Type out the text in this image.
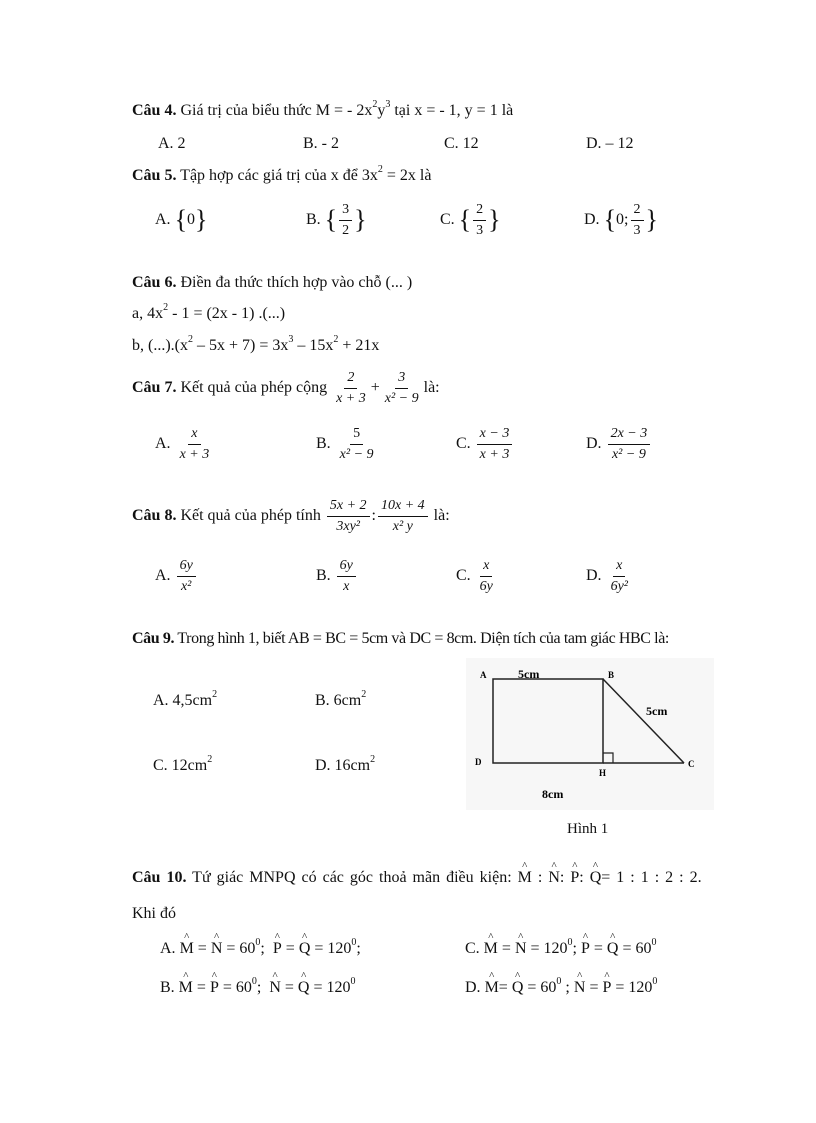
Câu 4. Giá trị của biểu thức M = - $2x^2y^3$ tại x = - 1, y = 1 là
A. 2	B. - 2	C. 12	D. – 12
Câu 5. Tập hợp các giá trị của x để $3x^2 = 2x$ là
A.
{ 0 }	B.
{ $\frac{3}{2}$ }	C.
{ $\frac{2}{3}$ }	D.
{ 0; $\frac{2}{3}$ }
Câu 6. Điền đa thức thích hợp vào chỗ (... )
a, $4x^2 - 1 = (2x - 1)$ .(...)
b, $(...).(x^2 - 5x + 7) = 3x^3 - 15x^2 + 21x$
Câu 7.
Kết quả của phép cộng
$\frac{2}{x + 3} + \frac{3}{\text{x² − 9}}$ là:
A.
$\frac{x}{x + 3}$	B.
$\frac{5}{\text{x² − 9}}$	C.
$\frac{x - 3}{x + 3}$	D.
$\frac{2x - 3}{\text{x² − 9}}$
Câu 8.
Kết quả của phép tính
$\frac{5x + 2}{\text{3xy²}}$ : $\frac{10x + 4}{\text{x² y}}$
là:
A.
$\frac{6y}{\text{x²}}$	B.
$\frac{6y}{x}$	C.
$\frac{x}{6y}$	D.
$\frac{x}{\text{6y²}}$
Câu 9. Trong hình 1, biết AB = BC = 5cm và DC = 8cm. Diện tích của tam giác HBC là:
A. $4,5cm^2$	B. $6cm^2$
C. $12cm^2$	D. $16cm^2$
A	B
C
D
H
5cm
5cm
8cm
Hình 1
Câu 10. Tứ giác MNPQ có các góc thoả mãn điều kiện: ^ M : ^ N: ^ P: ^ Q= 1 : 1 : 2 : 2.
Khi đó
A. ^ M = ^ $N = 60^0$;  ^ P = ^ $Q = 120^0$;	C. ^ M = ^ $N = 120^0$; ^ P = ^ $Q = 60^0$
B. ^ M = ^ $P = 60^0$;  ^ N = ^ $Q = 120^0$	D. ^ M= ^ $Q = 60^0$ ; ^ N = ^ $P = 120^0$
